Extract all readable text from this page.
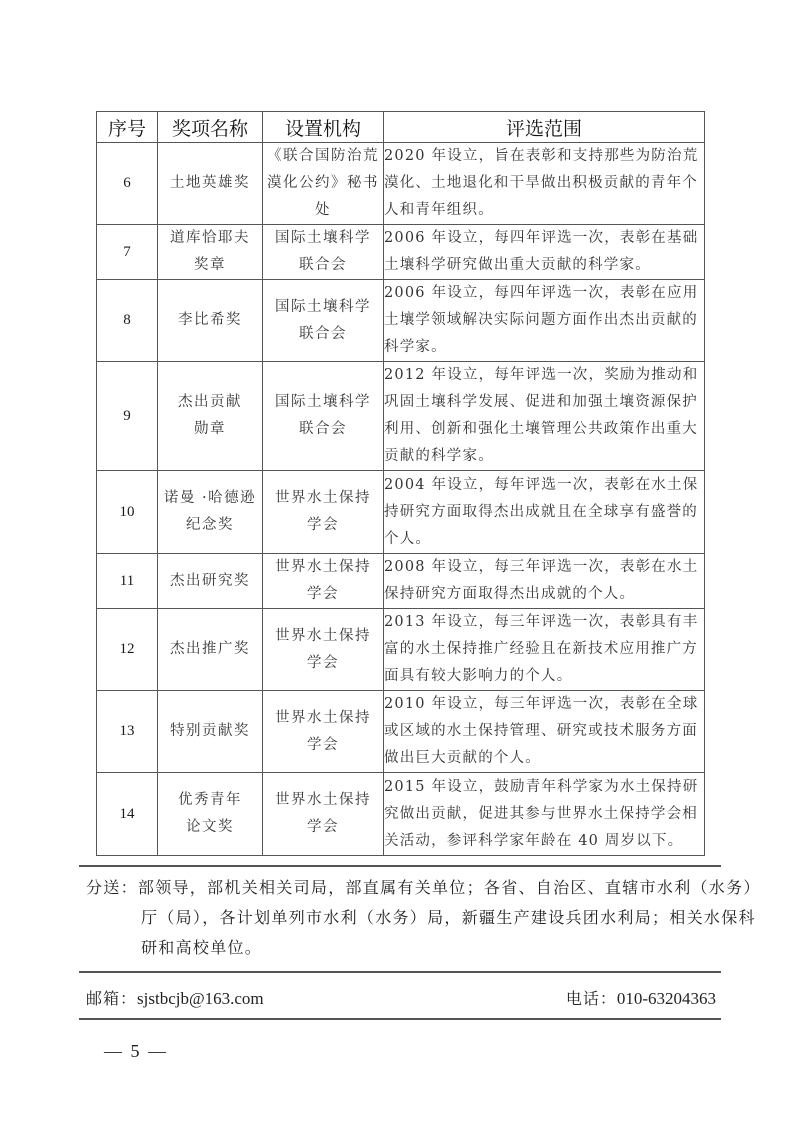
序号	奖项名称	设置机构	评选范围
6	土地英雄奖	《联合国防治荒漠化公约》秘书处	2020 年设立，旨在表彰和支持那些为防治荒漠化、土地退化和干旱做出积极贡献的青年个人和青年组织。
7	道库恰耶夫奖章	国际土壤科学联合会	2006 年设立，每四年评选一次，表彰在基础土壤科学研究做出重大贡献的科学家。
8	李比希奖	国际土壤科学联合会	2006 年设立，每四年评选一次，表彰在应用土壤学领域解决实际问题方面作出杰出贡献的科学家。
9	杰出贡献勋章	国际土壤科学联合会	2012 年设立，每年评选一次，奖励为推动和巩固土壤科学发展、促进和加强土壤资源保护利用、创新和强化土壤管理公共政策作出重大贡献的科学家。
10	诺曼 ·哈德逊纪念奖	世界水土保持学会	2004 年设立，每年评选一次，表彰在水土保持研究方面取得杰出成就且在全球享有盛誉的个人。
11	杰出研究奖	世界水土保持学会	2008 年设立，每三年评选一次，表彰在水土保持研究方面取得杰出成就的个人。
12	杰出推广奖	世界水土保持学会	2013 年设立，每三年评选一次，表彰具有丰富的水土保持推广经验且在新技术应用推广方面具有较大影响力的个人。
13	特别贡献奖	世界水土保持学会	2010 年设立，每三年评选一次，表彰在全球或区域的水土保持管理、研究或技术服务方面做出巨大贡献的个人。
14	优秀青年论文奖	世界水土保持学会	2015 年设立，鼓励青年科学家为水土保持研究做出贡献，促进其参与世界水土保持学会相关活动，参评科学家年龄在 40 周岁以下。
分送：部领导，部机关相关司局，部直属有关单位；各省、自治区、直辖市水利（水务）厅（局），各计划单列市水利（水务）局，新疆生产建设兵团水利局；相关水保科研和高校单位。
邮箱：sjstbcjb@163.com	电话：010-63204363
— 5 —
